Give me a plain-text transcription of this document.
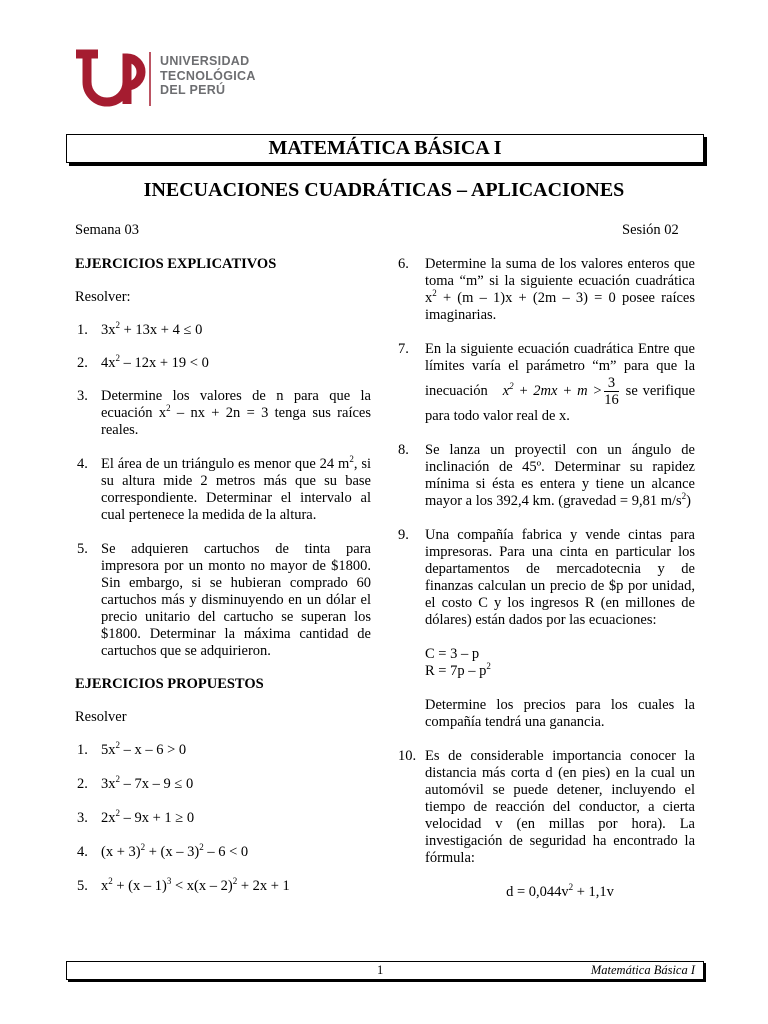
UNIVERSIDAD
TECNOLÓGICA
DEL PERÚ
MATEMÁTICA BÁSICA I
INECUACIONES CUADRÁTICAS – APLICACIONES
Semana 03	Sesión 02

EJERCICIOS EXPLICATIVOS

Resolver:

1. $3x^2 + 13x + 4 \le 0$
2. $4x^2 - 12x + 19 < 0$
3. Determine los valores de n para que la ecuación $x^2$ – nx + 2n = 3 tenga sus raíces reales.
4. El área de un triángulo es menor que 24 $m^2$, si su altura mide 2 metros más que su base correspondiente. Determinar el intervalo al cual pertenece la medida de la altura.
5. Se adquieren cartuchos de tinta para impresora por un monto no mayor de $1800. Sin embargo, si se hubieran comprado 60 cartuchos más y disminuyendo en un dólar el precio unitario del cartucho se superan los $1800. Determinar la máxima cantidad de cartuchos que se adquirieron.

EJERCICIOS PROPUESTOS

Resolver

1. $5x^2 - x - 6 > 0$
2. $3x^2 - 7x - 9 \le 0$
3. $2x^2 - 9x + 1 \ge 0$
4. $(x + 3)^2 + (x - 3)^2 - 6 < 0$
5. $x^2 + (x - 1)^3 < x(x - 2)^2 + 2x + 1$
6. Determine la suma de los valores enteros que toma “m” si la siguiente ecuación cuadrática $x^2 + (m - 1)x + (2m - 3) = 0$ posee raíces imaginarias.
7. En la siguiente ecuación cuadrática Entre que límites varía el parámetro “m” para que la inecuación $x^2 + 2mx + m > \frac{3}{16}$ se verifique para todo valor real de x.
8. Se lanza un proyectil con un ángulo de inclinación de 45º. Determinar su rapidez mínima si ésta es entera y tiene un alcance mayor a los 392,4 km. (gravedad = 9,81 $m/s^2$)
9. Una compañía fabrica y vende cintas para impresoras. Para una cinta en particular los departamentos de mercadotecnia y de finanzas calculan un precio de $p por unidad, el costo C y los ingresos R (en millones de dólares) están dados por las ecuaciones:
C = 3 – p
$R = 7p - p^2$
Determine los precios para los cuales la compañía tendrá una ganancia.
10. Es de considerable importancia conocer la distancia más corta d (en pies) en la cual un automóvil se puede detener, incluyendo el tiempo de reacción del conductor, a cierta velocidad v (en millas por hora). La investigación de seguridad ha encontrado la fórmula:
$d = 0,044v^2 + 1,1v$
1	Matemática Básica I
